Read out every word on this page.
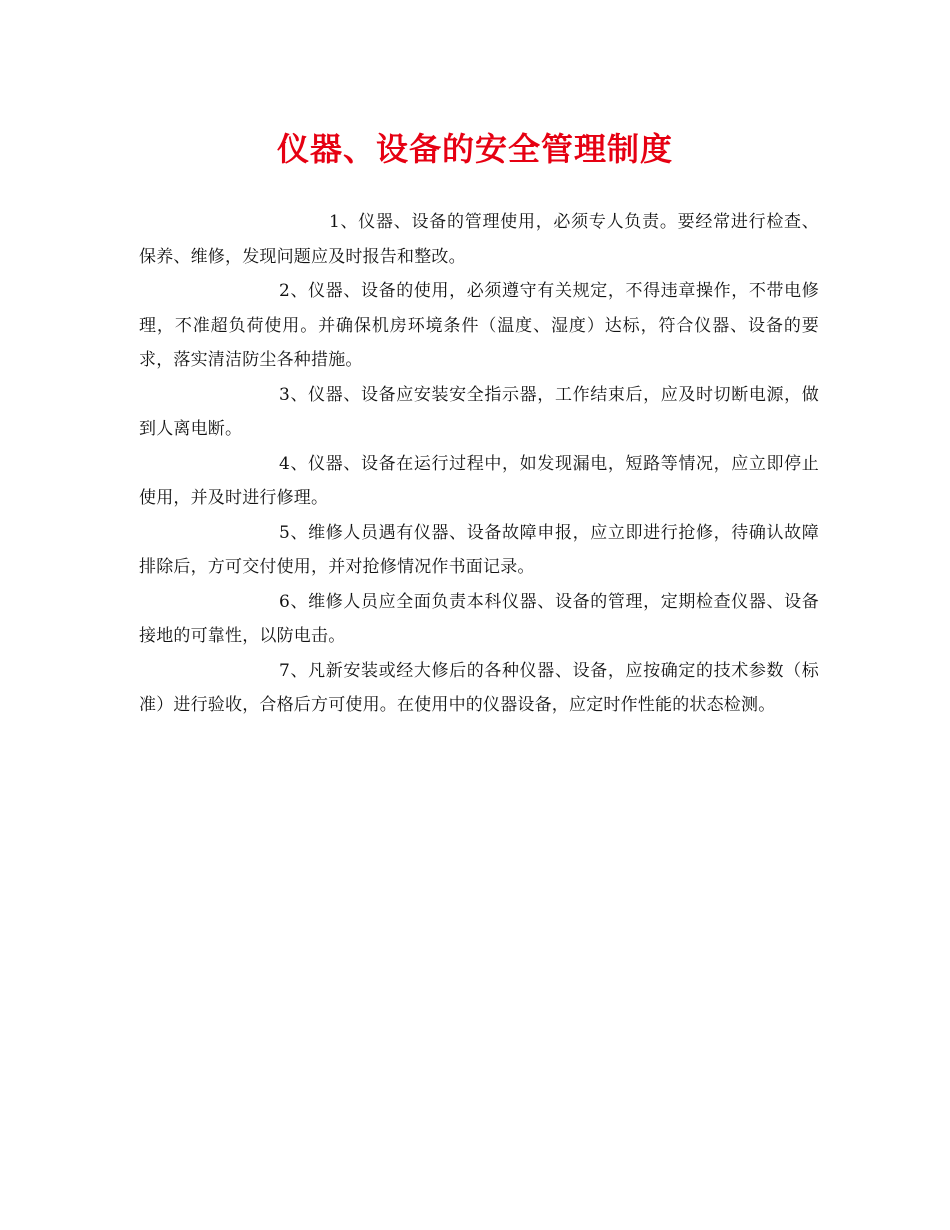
仪器、设备的安全管理制度

1、仪器、设备的管理使用，必须专人负责。要经常进行检查、保养、维修，发现问题应及时报告和整改。

2、仪器、设备的使用，必须遵守有关规定，不得违章操作，不带电修理，不准超负荷使用。并确保机房环境条件（温度、湿度）达标，符合仪器、设备的要求，落实清洁防尘各种措施。

3、仪器、设备应安装安全指示器，工作结束后，应及时切断电源，做到人离电断。

4、仪器、设备在运行过程中，如发现漏电，短路等情况，应立即停止使用，并及时进行修理。

5、维修人员遇有仪器、设备故障申报，应立即进行抢修，待确认故障排除后，方可交付使用，并对抢修情况作书面记录。

6、维修人员应全面负责本科仪器、设备的管理，定期检查仪器、设备接地的可靠性，以防电击。

7、凡新安装或经大修后的各种仪器、设备，应按确定的技术参数（标准）进行验收，合格后方可使用。在使用中的仪器设备，应定时作性能的状态检测。
